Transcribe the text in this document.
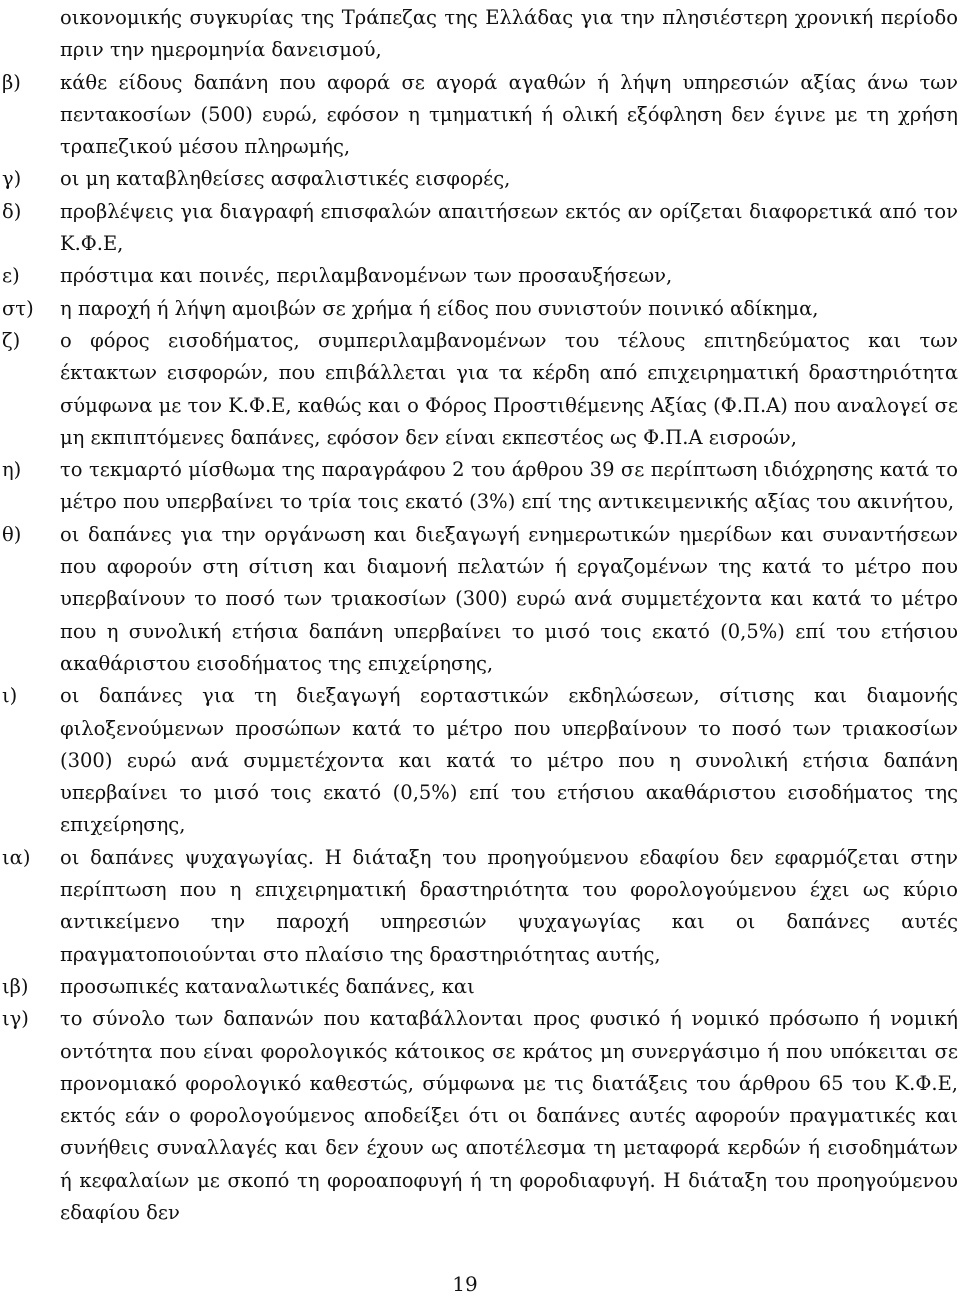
οικονομικής συγκυρίας της Τράπεζας της Ελλάδας για την πλησιέστερη χρονική περίοδο πριν την ημερομηνία δανεισμού,
β) κάθε είδους δαπάνη που αφορά σε αγορά αγαθών ή λήψη υπηρεσιών αξίας άνω των πεντακοσίων (500) ευρώ, εφόσον η τμηματική ή ολική εξόφληση δεν έγινε με τη χρήση τραπεζικού μέσου πληρωμής,
γ) οι μη καταβληθείσες ασφαλιστικές εισφορές,
δ) προβλέψεις για διαγραφή επισφαλών απαιτήσεων εκτός αν ορίζεται διαφορετικά από τον Κ.Φ.Ε,
ε) πρόστιμα και ποινές, περιλαμβανομένων των προσαυξήσεων,
στ) η παροχή ή λήψη αμοιβών σε χρήμα ή είδος που συνιστούν ποινικό αδίκημα,
ζ) ο φόρος εισοδήματος, συμπεριλαμβανομένων του τέλους επιτηδεύματος και των έκτακτων εισφορών, που επιβάλλεται για τα κέρδη από επιχειρηματική δραστηριότητα σύμφωνα με τον Κ.Φ.Ε, καθώς και ο Φόρος Προστιθέμενης Αξίας (Φ.Π.Α) που αναλογεί σε μη εκπιπτόμενες δαπάνες, εφόσον δεν είναι εκπεστέος ως Φ.Π.Α εισροών,
η) το τεκμαρτό μίσθωμα της παραγράφου 2 του άρθρου 39 σε περίπτωση ιδιόχρησης κατά το μέτρο που υπερβαίνει το τρία τοις εκατό (3%) επί της αντικειμενικής αξίας του ακινήτου,
θ) οι δαπάνες για την οργάνωση και διεξαγωγή ενημερωτικών ημερίδων και συναντήσεων που αφορούν στη σίτιση και διαμονή πελατών ή εργαζομένων της κατά το μέτρο που υπερβαίνουν το ποσό των τριακοσίων (300) ευρώ ανά συμμετέχοντα και κατά το μέτρο που η συνολική ετήσια δαπάνη υπερβαίνει το μισό τοις εκατό (0,5%) επί του ετήσιου ακαθάριστου εισοδήματος της επιχείρησης,
ι) οι δαπάνες για τη διεξαγωγή εορταστικών εκδηλώσεων, σίτισης και διαμονής φιλοξενούμενων προσώπων κατά το μέτρο που υπερβαίνουν το ποσό των τριακοσίων (300) ευρώ ανά συμμετέχοντα και κατά το μέτρο που η συνολική ετήσια δαπάνη υπερβαίνει το μισό τοις εκατό (0,5%) επί του ετήσιου ακαθάριστου εισοδήματος της επιχείρησης,
ια) οι δαπάνες ψυχαγωγίας. Η διάταξη του προηγούμενου εδαφίου δεν εφαρμόζεται στην περίπτωση που η επιχειρηματική δραστηριότητα του φορολογούμενου έχει ως κύριο αντικείμενο την παροχή υπηρεσιών ψυχαγωγίας και οι δαπάνες αυτές πραγματοποιούνται στο πλαίσιο της δραστηριότητας αυτής,
ιβ) προσωπικές καταναλωτικές δαπάνες, και
ιγ) το σύνολο των δαπανών που καταβάλλονται προς φυσικό ή νομικό πρόσωπο ή νομική οντότητα που είναι φορολογικός κάτοικος σε κράτος μη συνεργάσιμο ή που υπόκειται σε προνομιακό φορολογικό καθεστώς, σύμφωνα με τις διατάξεις του άρθρου 65 του Κ.Φ.Ε, εκτός εάν ο φορολογούμενος αποδείξει ότι οι δαπάνες αυτές αφορούν πραγματικές και συνήθεις συναλλαγές και δεν έχουν ως αποτέλεσμα τη μεταφορά κερδών ή εισοδημάτων ή κεφαλαίων με σκοπό τη φοροαποφυγή ή τη φοροδιαφυγή. Η διάταξη του προηγούμενου εδαφίου δεν
19
